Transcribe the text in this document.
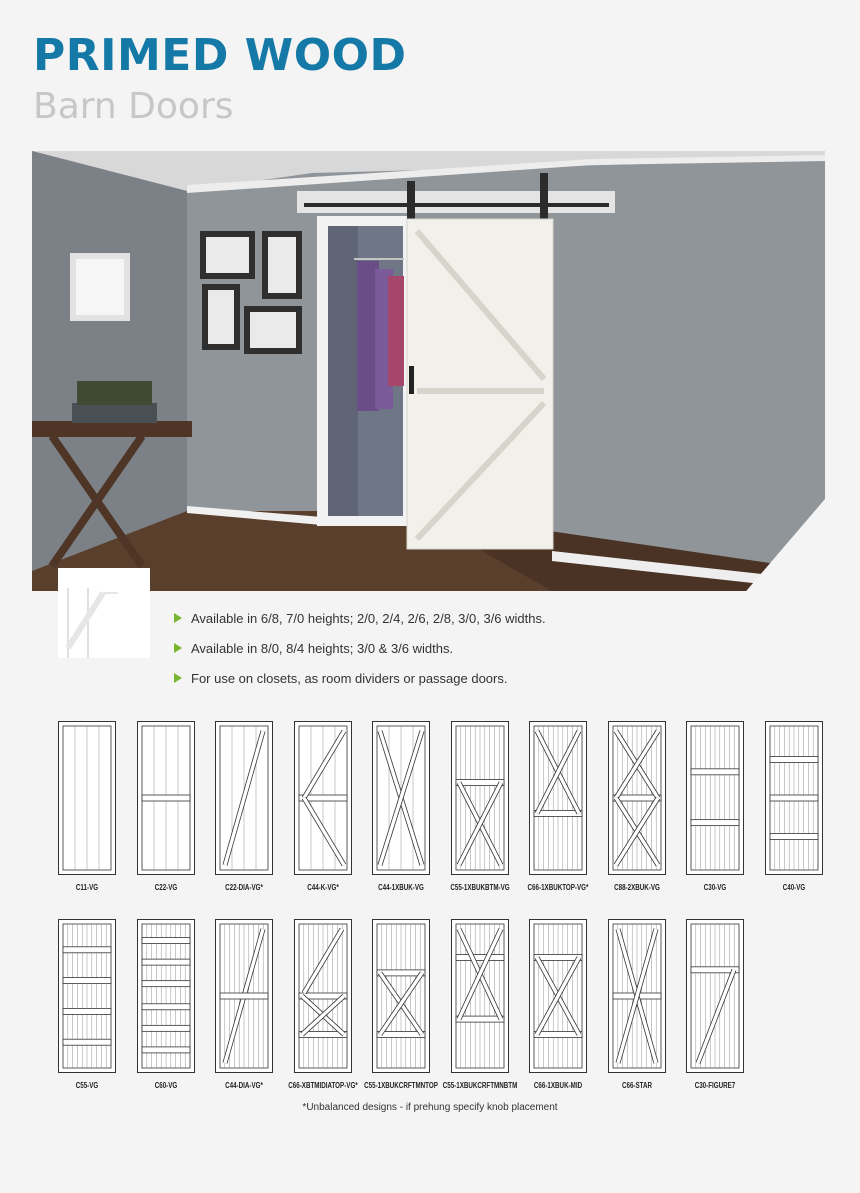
PRIMED WOOD
Barn Doors
Available in 6/8, 7/0 heights; 2/0, 2/4, 2/6, 2/8, 3/0, 3/6 widths.
Available in 8/0, 8/4 heights; 3/0 & 3/6 widths.
For use on closets, as room dividers or passage doors.
C11-VG	C22-VG	C22-DIA-VG*	C44-K-VG*	C44-1XBUK-VG	C55-1XBUKBTM-VG	C66-1XBUKTOP-VG*	C88-2XBUK-VG	C30-VG	C40-VG
C55-VG	C60-VG	C44-DIA-VG*	C66-XBTMIDIATOP-VG* C55-1XBUKCRFTMNTOP C55-1XBUKCRFTMNBTM	C66-1XBUK-MID	C66-STAR	C30-FIGURE7
*Unbalanced designs - if prehung specify knob placement
